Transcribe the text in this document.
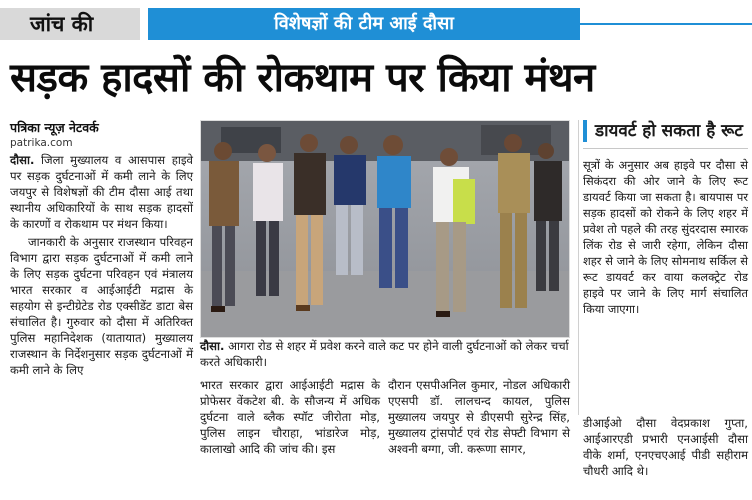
जांच की	विशेषज्ञों की टीम आई दौसा
सड़क हादसों की रोकथाम पर किया मंथन
पत्रिका न्यूज़ नेटवर्क
patrika.com

दौसा. जिला मुख्यालय व आसपास हाइवे पर सड़क दुर्घटनाओं में कमी लाने के लिए जयपुर से विशेषज्ञों की टीम दौसा आई तथा स्थानीय अधिकारियों के साथ सड़क हादसों के कारणों व रोकथाम पर मंथन किया।

जानकारी के अनुसार राजस्थान परिवहन विभाग द्वारा सड़क दुर्घटनाओं में कमी लाने के लिए सड़क दुर्घटना परिवहन एवं मंत्रालय भारत सरकार व आईआईटी मद्रास के सहयोग से इन्टीग्रेटेड रोड एक्सीडेंट डाटा बेस संचालित है। गुरुवार को दौसा में अतिरिक्त पुलिस महानिदेशक (यातायात) मुख्यालय राजस्थान के निर्देशनुसार सड़क दुर्घटनाओं में कमी लाने के लिए

दौसा. आगरा रोड से शहर में प्रवेश करने वाले कट पर होने वाली दुर्घटनाओं को लेकर चर्चा करते अधिकारी।

भारत सरकार द्वारा आईआईटी मद्रास के प्रोफेसर वेंकटेश बी. के सौजन्य में अधिक दुर्घटना वाले ब्लैक स्पॉट जीरोता मोड़, पुलिस लाइन चौराहा, भांडारेज मोड़, कालाखो आदि की जांच की। इस

दौरान एसपीअनिल कुमार, नोडल अधिकारी एएसपी डॉ. लालचन्द कायल, पुलिस मुख्यालय जयपुर से डीएसपी सुरेन्द्र सिंह, मुख्यालय ट्रांसपोर्ट एवं रोड सेफ्टी विभाग से अश्वनी बग्गा, जी. करूणा सागर,

डायवर्ट हो सकता है रूट
सूत्रों के अनुसार अब हाइवे पर दौसा से सिकंदरा की ओर जाने के लिए रूट डायवर्ट किया जा सकता है। बायपास पर सड़क हादसों को रोकने के लिए शहर में प्रवेश तो पहले की तरह सुंदरदास स्मारक लिंक रोड से जारी रहेगा, लेकिन दौसा शहर से जाने के लिए सोमनाथ सर्किल से रूट डायवर्ट कर वाया कलक्ट्रेट रोड हाइवे पर जाने के लिए मार्ग संचालित किया जाएगा।

डीआईओ दौसा वेदप्रकाश गुप्ता, आईआरएडी प्रभारी एनआईसी दौसा वीके शर्मा, एनएचएआई पीडी सहीराम चौधरी आदि थे।
